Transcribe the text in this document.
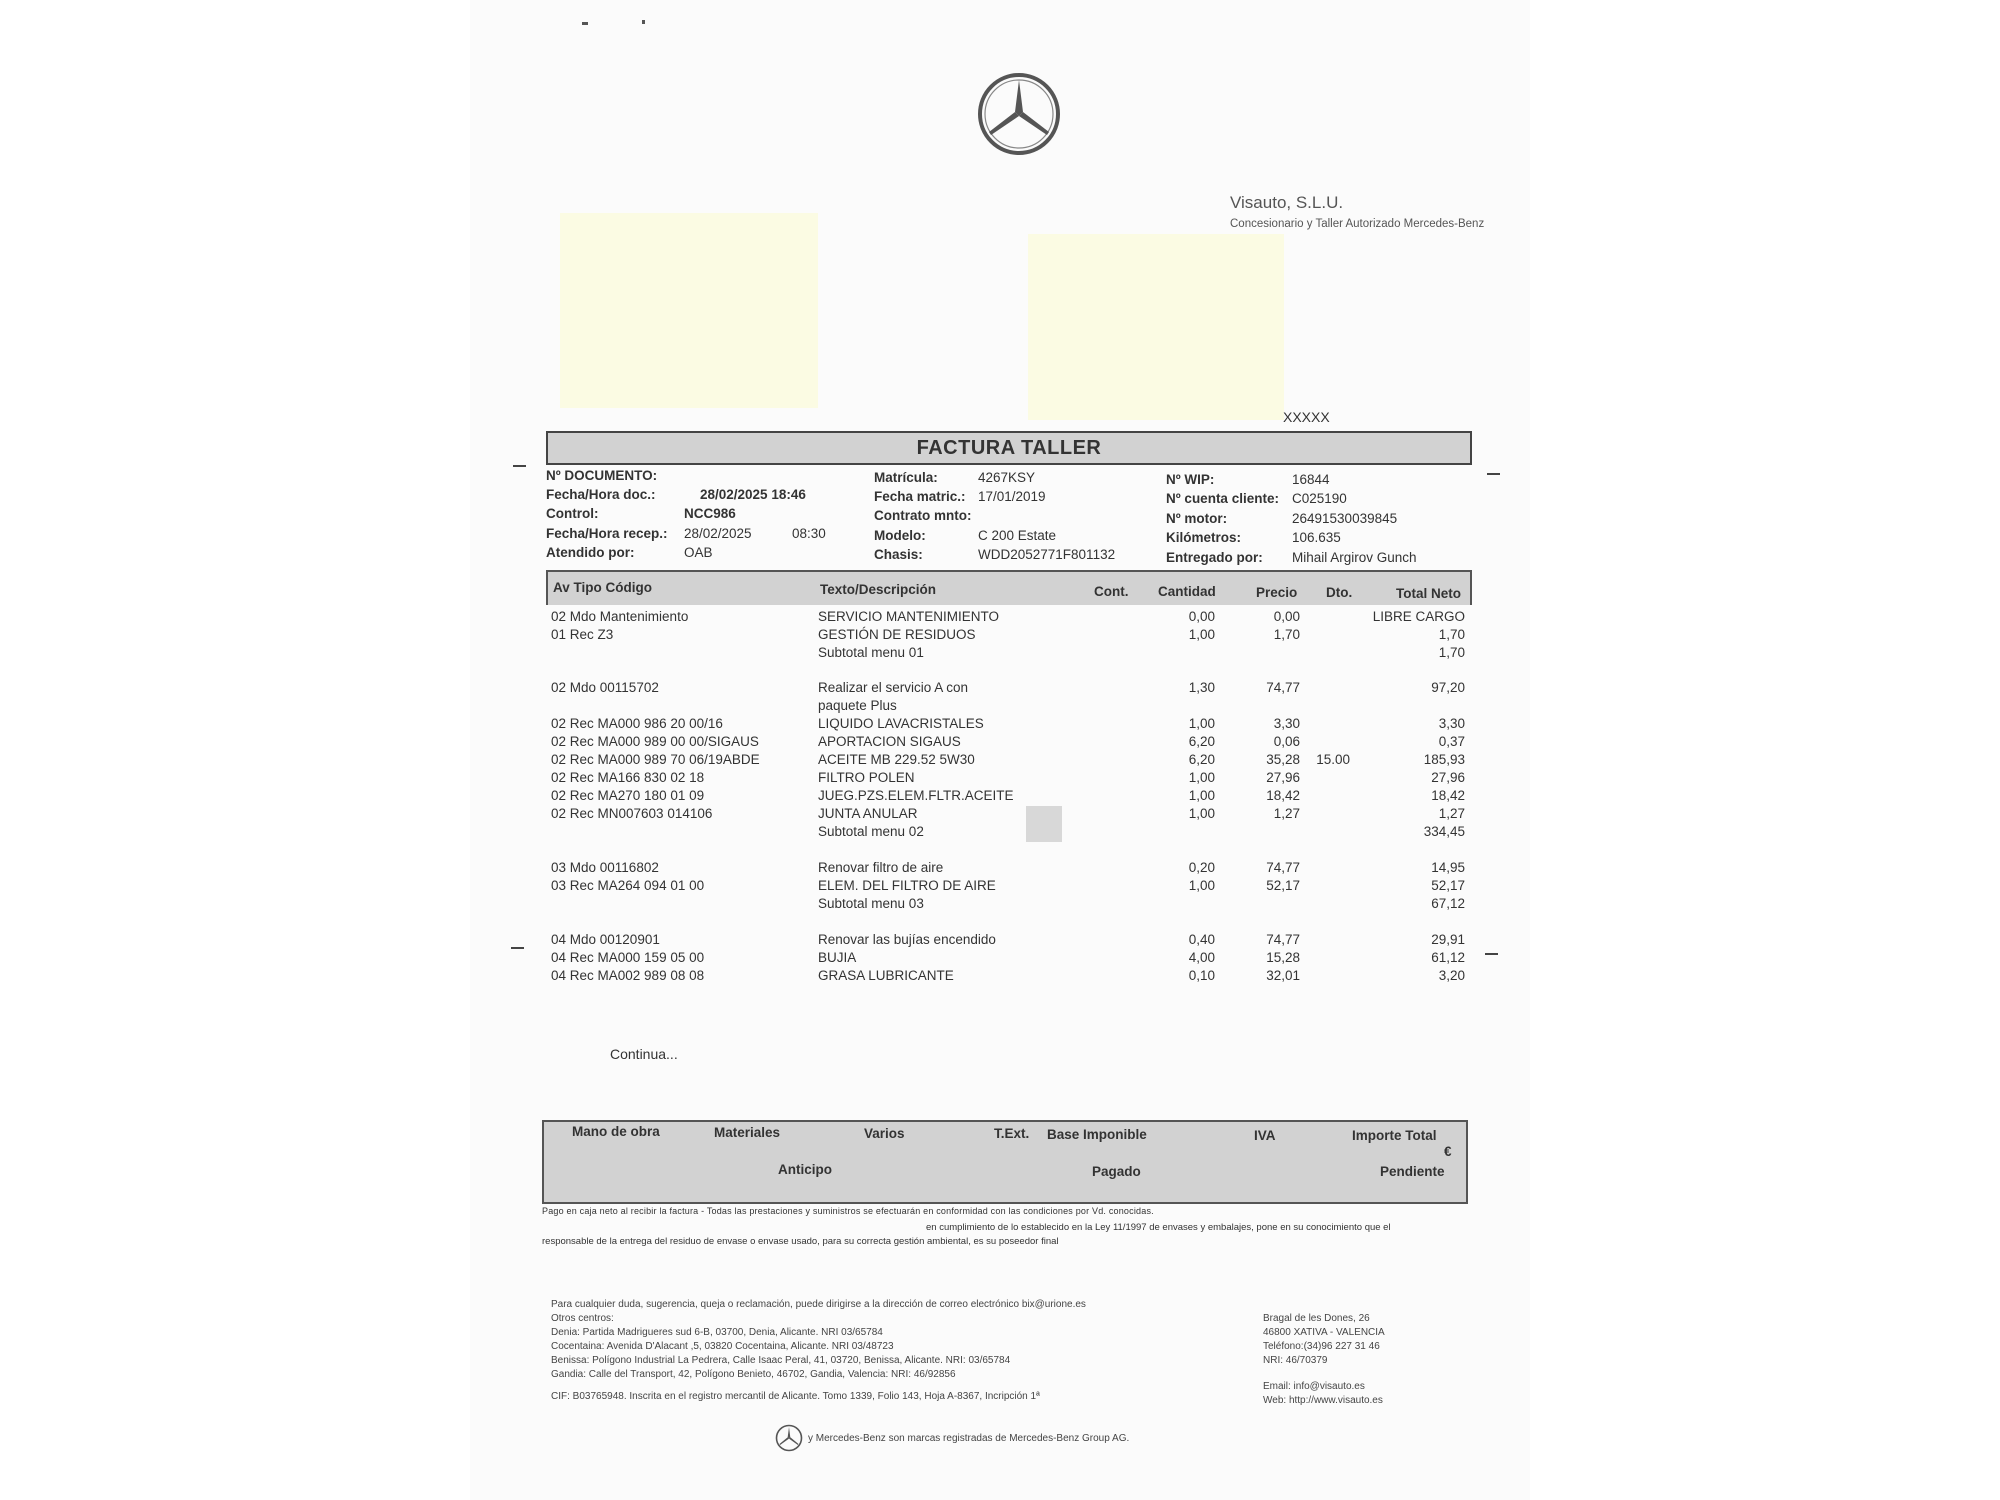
Visauto, S.L.U.
Concesionario y Taller Autorizado Mercedes-Benz
XXXXX
FACTURA TALLER
Nº DOCUMENTO:
Fecha/Hora doc.:	28/02/2025 18:46
Control:	NCC986
Fecha/Hora recep.: 28/02/2025	08:30
Atendido por:	OAB
Matrícula:	4267KSY
Fecha matric.: 17/01/2019
Contrato mnto:
Modelo:	C 200 Estate
Chasis:	WDD2052771F801132
Nº WIP:	16844
Nº cuenta cliente: C025190
Nº motor:	26491530039845
Kilómetros:	106.635
Entregado por: Mihail Argirov Gunch
Av Tipo Código	Texto/Descripción	Cont. Cantidad	Precio Dto.	Total Neto
02 Mdo Mantenimiento	SERVICIO MANTENIMIENTO	0,00	0,00	LIBRE CARGO
01 Rec Z3	GESTIÓN DE RESIDUOS	1,00	1,70	1,70
Subtotal menu 01	1,70
02 Mdo 00115702	Realizar el servicio A con	1,30	74,77	97,20
paquete Plus
02 Rec MA000 986 20 00/16	LIQUIDO LAVACRISTALES	1,00	3,30	3,30
02 Rec MA000 989 00 00/SIGAUS	APORTACION SIGAUS	6,20	0,06	0,37
02 Rec MA000 989 70 06/19ABDE	ACEITE MB 229.52 5W30	6,20	35,28	15.00	185,93
02 Rec MA166 830 02 18	FILTRO POLEN	1,00	27,96	27,96
02 Rec MA270 180 01 09	JUEG.PZS.ELEM.FLTR.ACEITE	1,00	18,42	18,42
02 Rec MN007603 014106	JUNTA ANULAR	1,00	1,27	1,27
Subtotal menu 02	334,45
03 Mdo 00116802	Renovar filtro de aire	0,20	74,77	14,95
03 Rec MA264 094 01 00	ELEM. DEL FILTRO DE AIRE	1,00	52,17	52,17
Subtotal menu 03	67,12
04 Mdo 00120901	Renovar las bujías encendido	0,40	74,77	29,91
04 Rec MA000 159 05 00	BUJIA	4,00	15,28	61,12
04 Rec MA002 989 08 08	GRASA LUBRICANTE	0,10	32,01	3,20
Continua...
Mano de obra	Materiales	Varios	T.Ext. Base Imponible	IVA	Importe Total
€
Anticipo	Pagado	Pendiente
Pago en caja neto al recibir la factura - Todas las prestaciones y suministros se efectuarán en conformidad con las condiciones por Vd. conocidas.
en cumplimiento de lo establecido en la Ley 11/1997 de envases y embalajes, pone en su conocimiento que el
responsable de la entrega del residuo de envase o envase usado, para su correcta gestión ambiental, es su poseedor final
Para cualquier duda, sugerencia, queja o reclamación, puede dirigirse a la dirección de correo electrónico bix@urione.es
Otros centros:
Denia: Partida Madrigueres sud 6-B, 03700, Denia, Alicante. NRI 03/65784
Cocentaina: Avenida D'Alacant ,5, 03820 Cocentaina, Alicante. NRI 03/48723
Benissa: Polígono Industrial La Pedrera, Calle Isaac Peral, 41, 03720, Benissa, Alicante. NRI: 03/65784
Gandia: Calle del Transport, 42, Polígono Benieto, 46702, Gandia, Valencia: NRI: 46/92856
CIF: B03765948. Inscrita en el registro mercantil de Alicante. Tomo 1339, Folio 143, Hoja A-8367, Incripción 1ª
Bragal de les Dones, 26
46800 XATIVA - VALENCIA
Teléfono:(34)96 227 31 46
NRI: 46/70379
Email: info@visauto.es
Web: http://www.visauto.es
y Mercedes-Benz son marcas registradas de Mercedes-Benz Group AG.
